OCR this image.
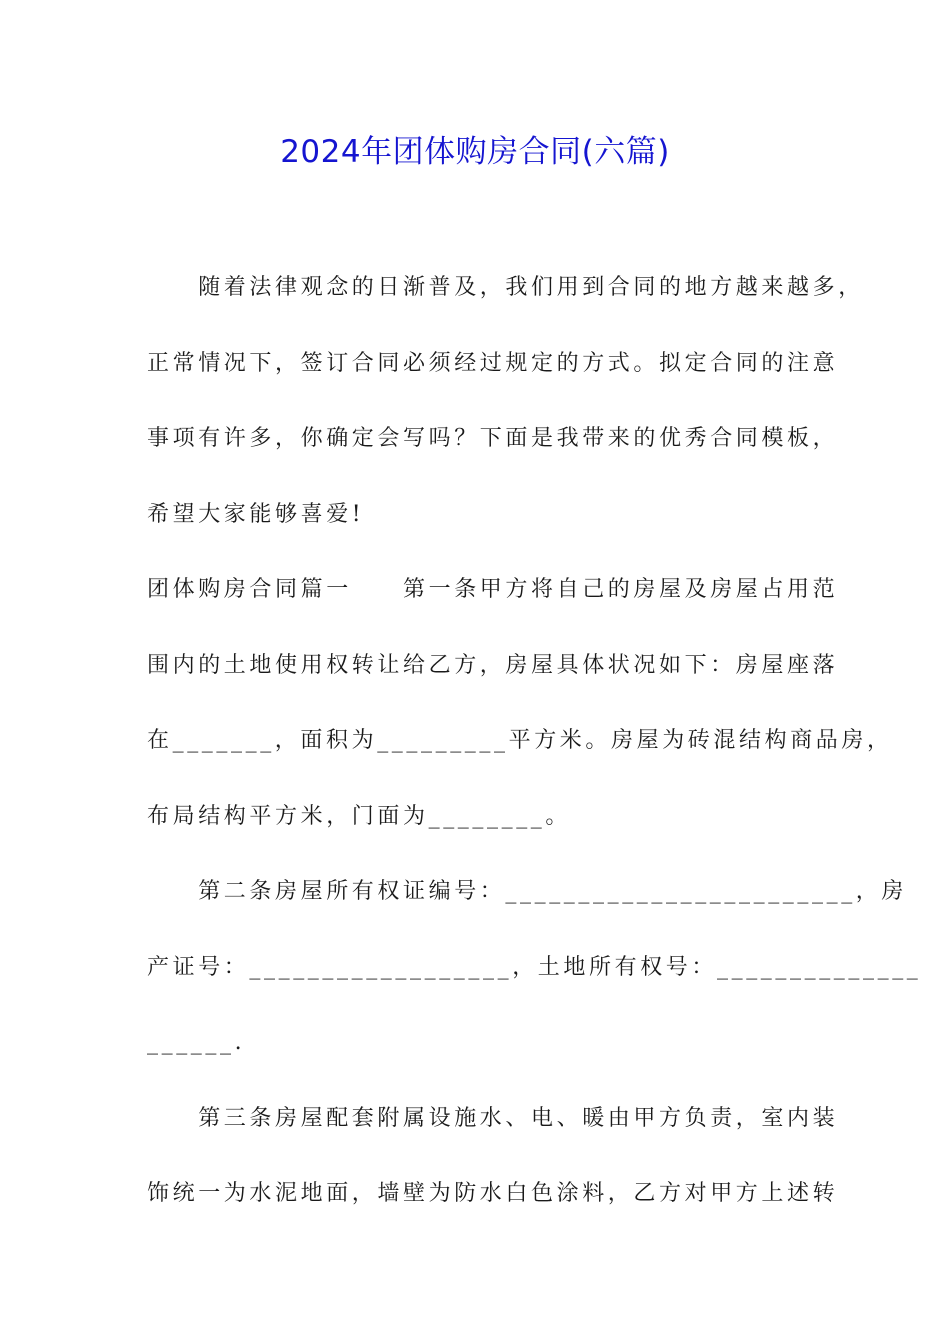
2024年团体购房合同(六篇)
　　随着法律观念的日渐普及，我们用到合同的地方越来越多，
正常情况下，签订合同必须经过规定的方式。拟定合同的注意
事项有许多，你确定会写吗？下面是我带来的优秀合同模板，
希望大家能够喜爱!
团体购房合同篇一　　第一条甲方将自己的房屋及房屋占用范
围内的土地使用权转让给乙方，房屋具体状况如下：房屋座落
在_______，面积为_________平方米。房屋为砖混结构商品房，
布局结构平方米，门面为________。
　　第二条房屋所有权证编号：________________________，房
产证号：__________________，土地所有权号：______________
______.
　　第三条房屋配套附属设施水、电、暖由甲方负责，室内装
饰统一为水泥地面，墙壁为防水白色涂料，乙方对甲方上述转
